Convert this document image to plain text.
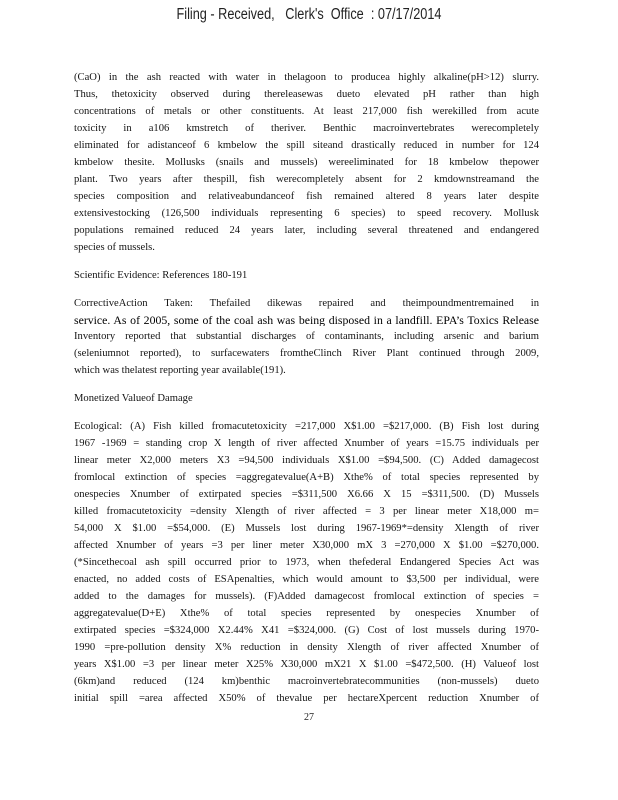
Filing - Received,   Clerk's  Office  : 07/17/2014
(CaO) in the ash reacted with water in thelagoon to producea highly alkaline(pH>12) slurry.
Thus, thetoxicity observed during thereleasewas dueto elevated pH rather than high
concentrations of metals or other constituents. At least 217,000 fish werekilled from acute
toxicity in a106 kmstretch of theriver. Benthic macroinvertebrates werecompletely
eliminated for adistanceof 6 kmbelow the spill siteand drastically reduced in number for 124
kmbelow thesite. Mollusks (snails and mussels) wereeliminated for 18 kmbelow thepower
plant. Two years after thespill, fish werecompletely absent for 2 kmdownstreamand the
species composition and relativeabundanceof fish remained altered 8 years later despite
extensivestocking (126,500 individuals representing 6 species) to speed recovery. Mollusk
populations remained reduced 24 years later, including several threatened and endangered
species of mussels.
Scientific Evidence: References 180-191
CorrectiveAction Taken: Thefailed dikewas repaired and theimpoundmentremained in
service. As of 2005, some of the coal ash was being disposed in a landfill. EPA’s Toxics Release
Inventory reported that substantial discharges of contaminants, including arsenic and barium
(seleniumnot reported), to surfacewaters fromtheClinch River Plant continued through 2009,
which was thelatest reporting year available(191).
Monetized Valueof Damage
Ecological: (A) Fish killed fromacutetoxicity =217,000 X$1.00 =$217,000. (B) Fish lost during
1967 -1969 = standing crop X length of river affected Xnumber of years =15.75 individuals per
linear meter X2,000 meters X3 =94,500 individuals X$1.00 =$94,500. (C) Added damagecost
fromlocal extinction of species =aggregatevalue(A+B) Xthe% of total species represented by
onespecies Xnumber of extirpated species =$311,500 X6.66 X 15 =$311,500. (D) Mussels
killed fromacutetoxicity =density Xlength of river affected = 3 per linear meter X18,000 m=
54,000 X $1.00 =$54,000. (E) Mussels lost during 1967-1969*=density Xlength of river
affected Xnumber of years =3 per liner meter X30,000 mX 3 =270,000 X $1.00 =$270,000.
(*Sincethecoal ash spill occurred prior to 1973, when thefederal Endangered Species Act was
enacted, no added costs of ESApenalties, which would amount to $3,500 per individual, were
added to the damages for mussels). (F)Added damagecost fromlocal extinction of species =
aggregatevalue(D+E) Xthe% of total species represented by onespecies Xnumber of
extirpated species =$324,000 X2.44% X41 =$324,000. (G) Cost of lost mussels during 1970-
1990 =pre-pollution density X% reduction in density Xlength of river affected Xnumber of
years X$1.00 =3 per linear meter X25% X30,000 mX21 X $1.00 =$472,500. (H) Valueof lost
(6km)and reduced (124 km)benthic macroinvertebratecommunities (non-mussels) dueto
initial spill =area affected X50% of thevalue per hectareXpercent reduction Xnumber of
27
